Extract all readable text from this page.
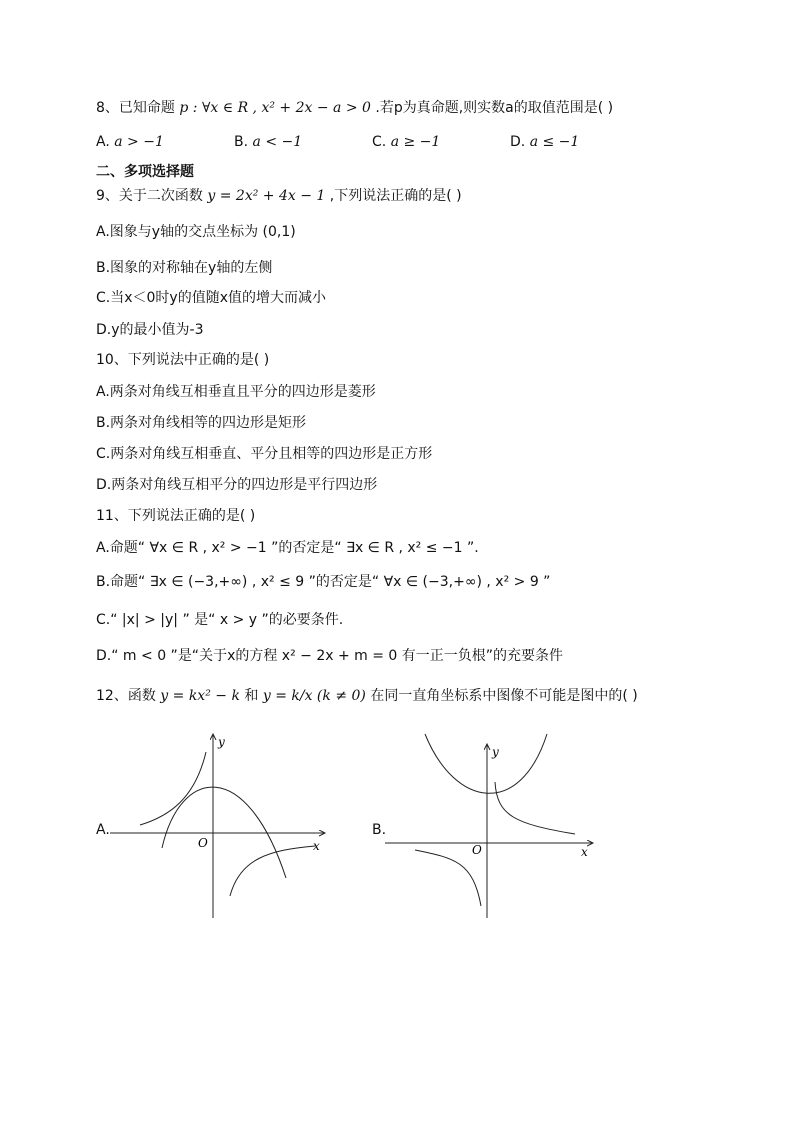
8、已知命题 p : ∀x ∈ R , x² + 2x − a > 0 .若p为真命题,则实数a的取值范围是( )
A. a > −1	B. a < −1	C. a ≥ −1	D. a ≤ −1
二、多项选择题
9、关于二次函数 y = 2x² + 4x − 1 ,下列说法正确的是( )
A.图象与y轴的交点坐标为 (0,1)
B.图象的对称轴在y轴的左侧
C.当x＜0时y的值随x值的增大而减小
D.y的最小值为-3
10、下列说法中正确的是( )
A.两条对角线互相垂直且平分的四边形是菱形
B.两条对角线相等的四边形是矩形
C.两条对角线互相垂直、平分且相等的四边形是正方形
D.两条对角线互相平分的四边形是平行四边形
11、下列说法正确的是( )
A.命题“ ∀x ∈ R , x² > −1 ”的否定是“ ∃x ∈ R , x² ≤ −1 ”.
B.命题“ ∃x ∈ (−3,+∞) , x² ≤ 9 ”的否定是“ ∀x ∈ (−3,+∞) , x² > 9 ”
C.“ |x| > |y| ” 是“ x > y ”的必要条件.
D.“ m < 0 ”是“关于x的方程 x² − 2x + m = 0 有一正一负根”的充要条件
12、函数 y = kx² − k 和 y = k/x (k ≠ 0) 在同一直角坐标系中图像不可能是图中的( )
A.	B.
y
x
O
y
x
O
